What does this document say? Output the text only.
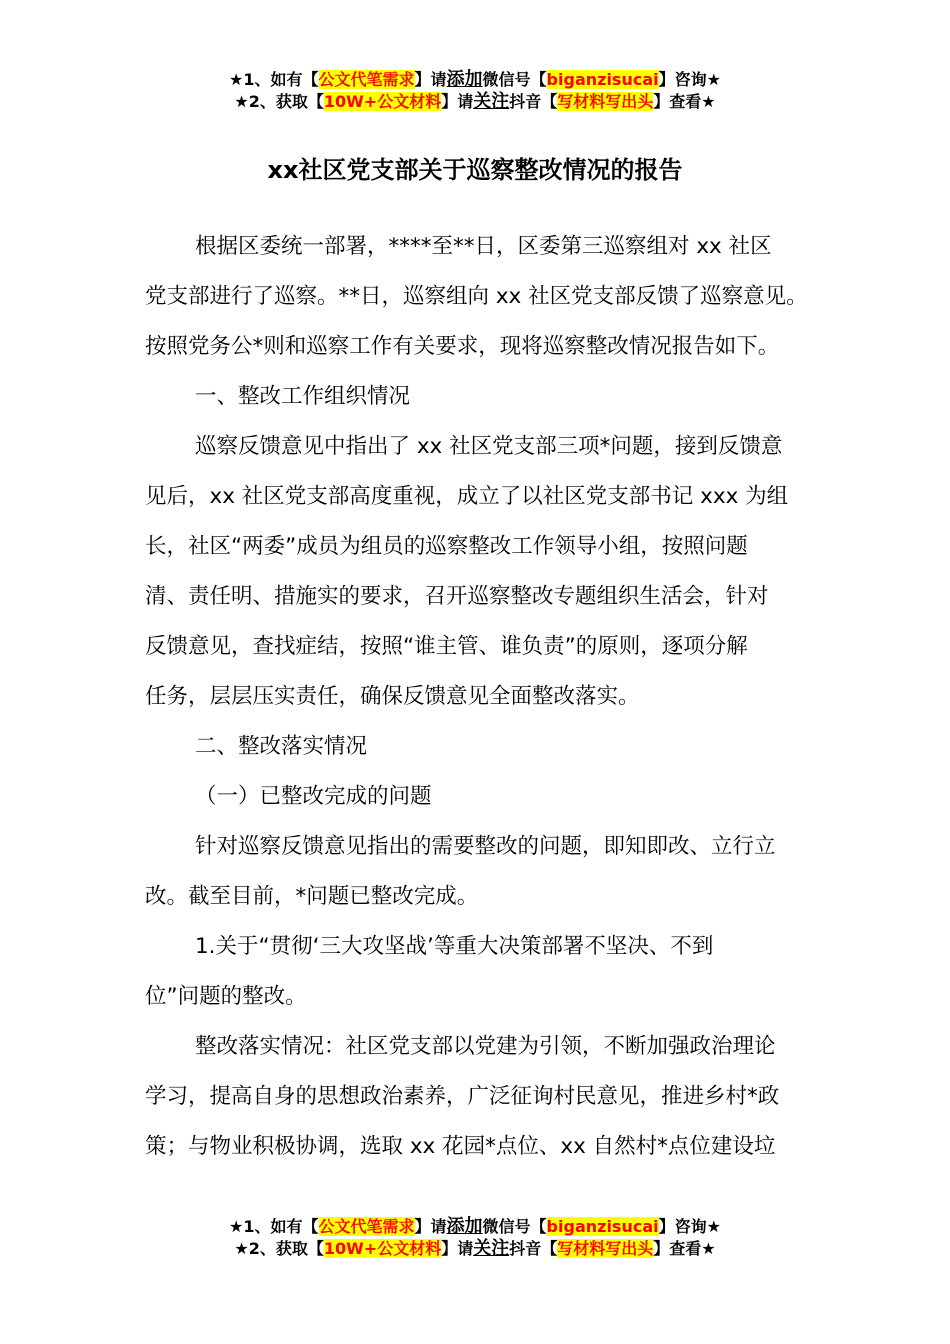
★1、如有【公文代笔需求】请添加微信号【biganzisucai】咨询★
★2、获取【10W+公文材料】请关注抖音【写材料写出头】查看★
xx社区党支部关于巡察整改情况的报告
根据区委统一部署，****至**日，区委第三巡察组对 xx 社区
党支部进行了巡察。**日，巡察组向 xx 社区党支部反馈了巡察意见。
按照党务公*则和巡察工作有关要求，现将巡察整改情况报告如下。
一、整改工作组织情况
巡察反馈意见中指出了 xx 社区党支部三项*问题，接到反馈意
见后，xx 社区党支部高度重视，成立了以社区党支部书记 xxx 为组
长，社区“两委”成员为组员的巡察整改工作领导小组，按照问题
清、责任明、措施实的要求，召开巡察整改专题组织生活会，针对
反馈意见，查找症结，按照“谁主管、谁负责”的原则，逐项分解
任务，层层压实责任，确保反馈意见全面整改落实。
二、整改落实情况
（一）已整改完成的问题
针对巡察反馈意见指出的需要整改的问题，即知即改、立行立
改。截至目前，*问题已整改完成。
1.关于“贯彻‘三大攻坚战’等重大决策部署不坚决、不到
位”问题的整改。
整改落实情况：社区党支部以党建为引领，不断加强政治理论
学习，提高自身的思想政治素养，广泛征询村民意见，推进乡村*政
策；与物业积极协调，选取 xx 花园*点位、xx 自然村*点位建设垃
★1、如有【公文代笔需求】请添加微信号【biganzisucai】咨询★
★2、获取【10W+公文材料】请关注抖音【写材料写出头】查看★
